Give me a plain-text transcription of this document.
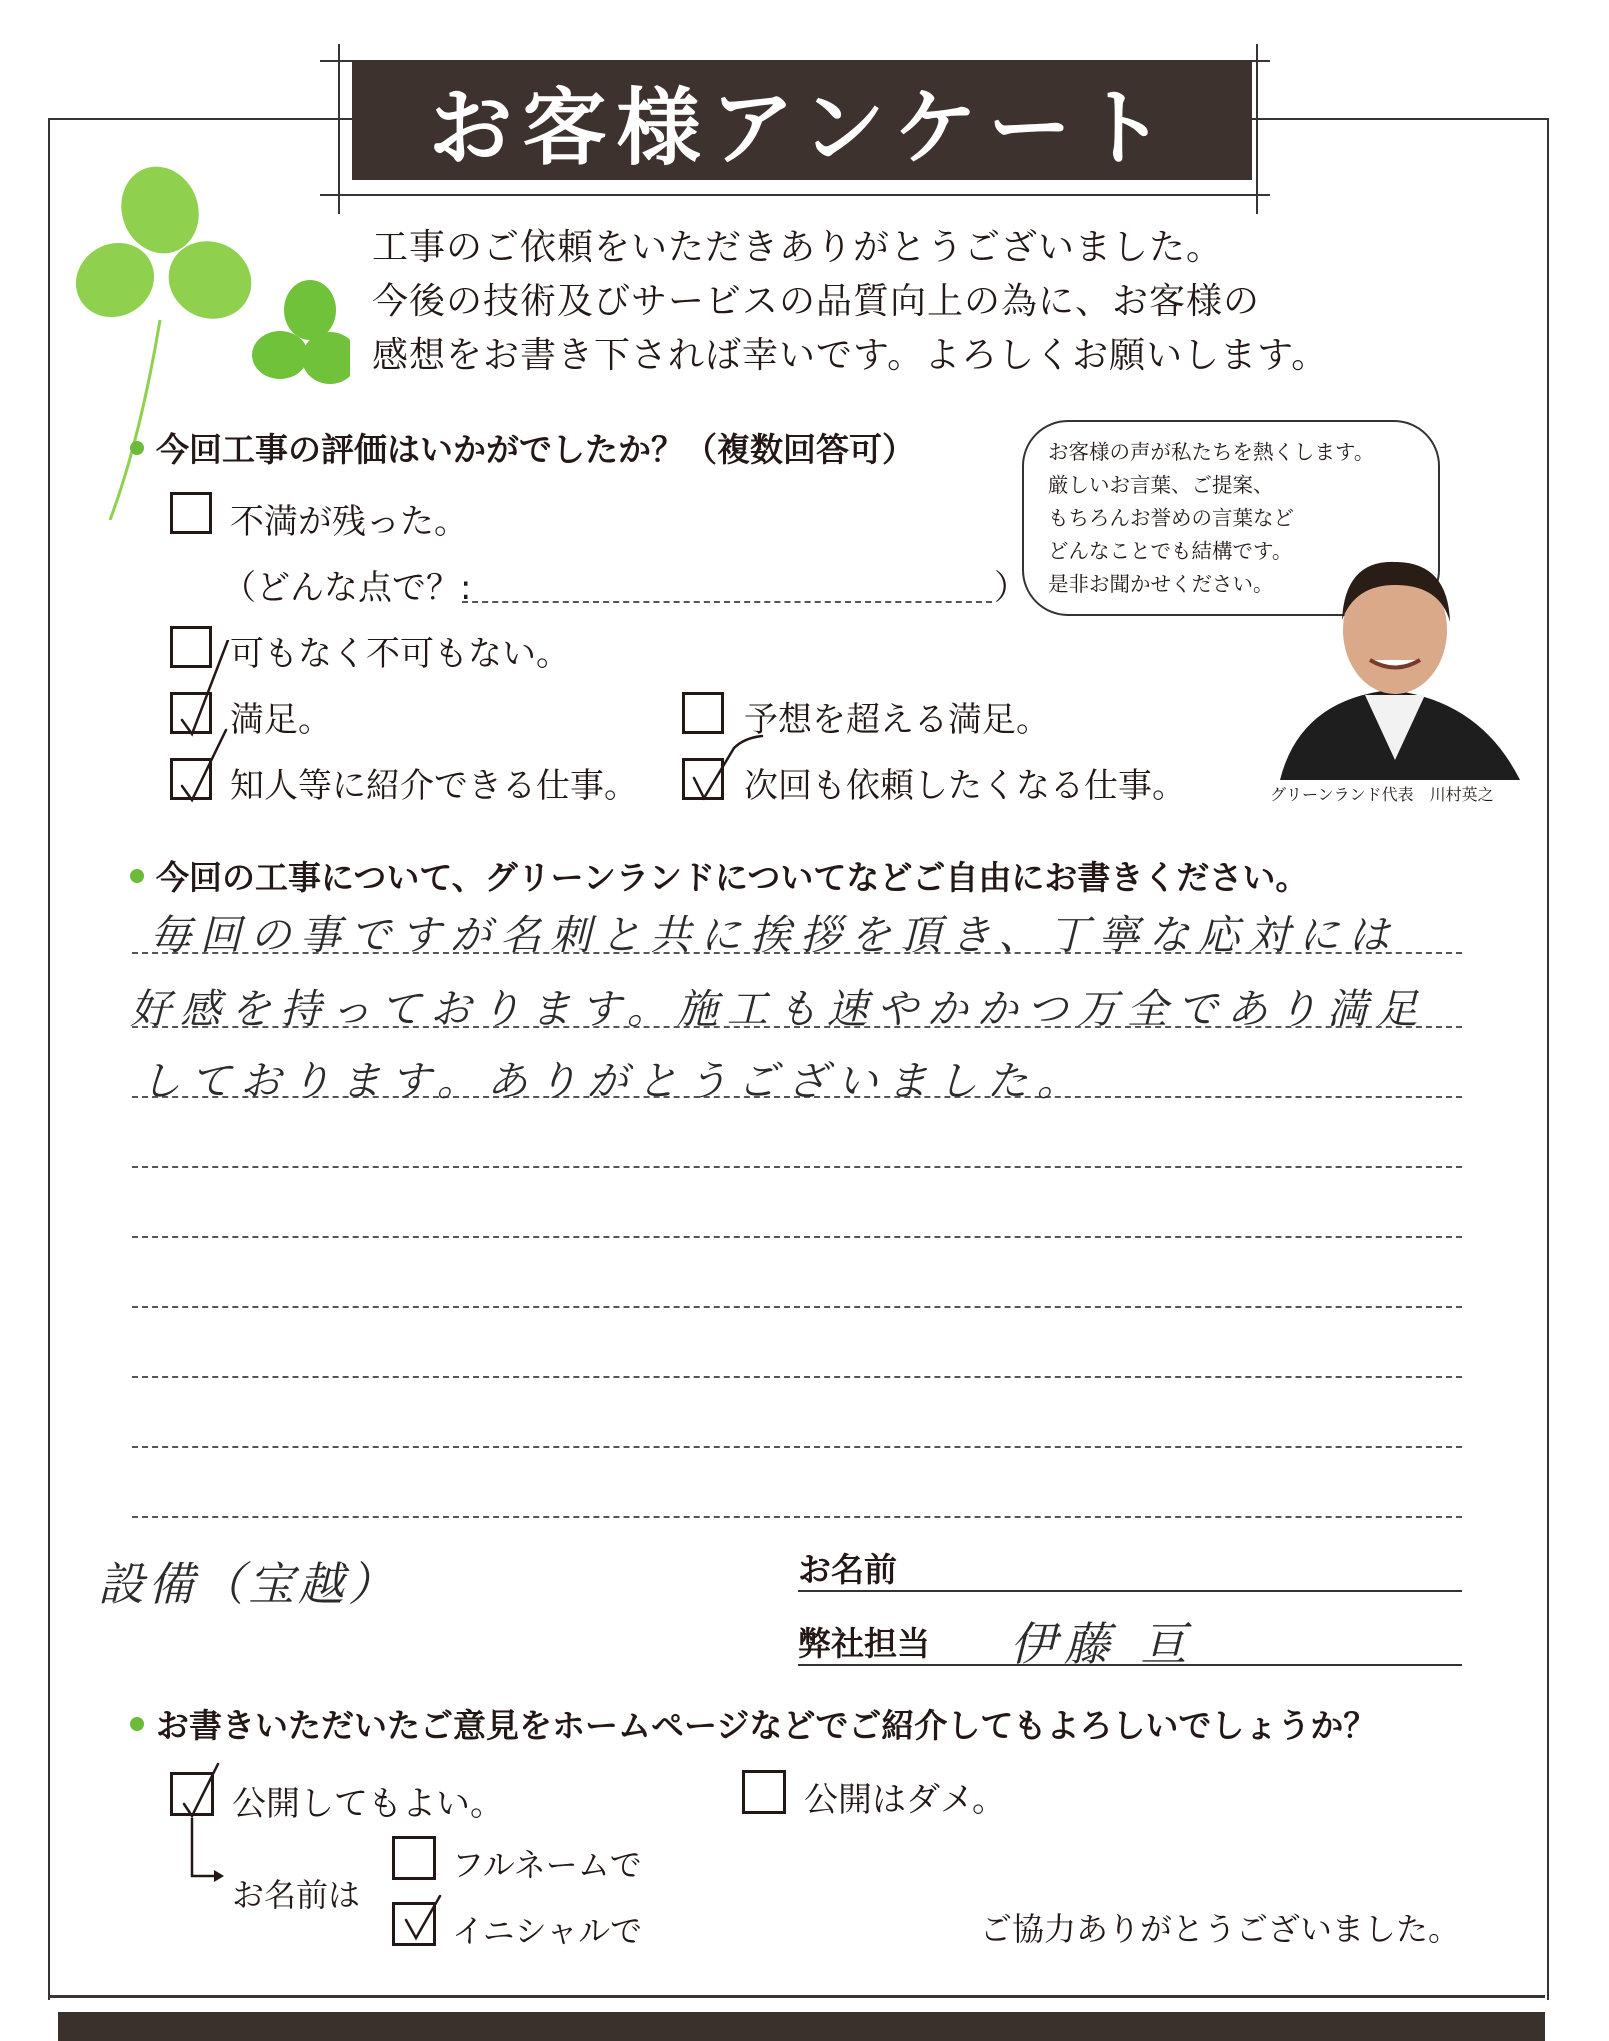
お客様アンケート
工事のご依頼をいただきありがとうございました。
今後の技術及びサービスの品質向上の為に、お客様の
感想をお書き下されば幸いです。よろしくお願いします。
お客様の声が私たちを熱くします。
厳しいお言葉、ご提案、
もちろんお誉めの言葉など
どんなことでも結構です。
是非お聞かせください。
グリーンランド代表　川村英之
今回工事の評価はいかがでしたか？（複数回答可）
不満が残った。
（どんな点で？:	）
可もなく不可もない。
満足。	予想を超える満足。
知人等に紹介できる仕事。	次回も依頼したくなる仕事。
今回の工事について、グリーンランドについてなどご自由にお書きください。
毎回の事ですが名刺と共に挨拶を頂き、丁寧な応対には
好感を持っております。施工も速やかかつ万全であり満足
しております。ありがとうございました。
設備（宝越）	お名前
弊社担当 伊藤 亘
お書きいただいたご意見をホームページなどでご紹介してもよろしいでしょうか？
公開してもよい。	公開はダメ。
お名前は
フルネームで
イニシャルで	ご協力ありがとうございました。
